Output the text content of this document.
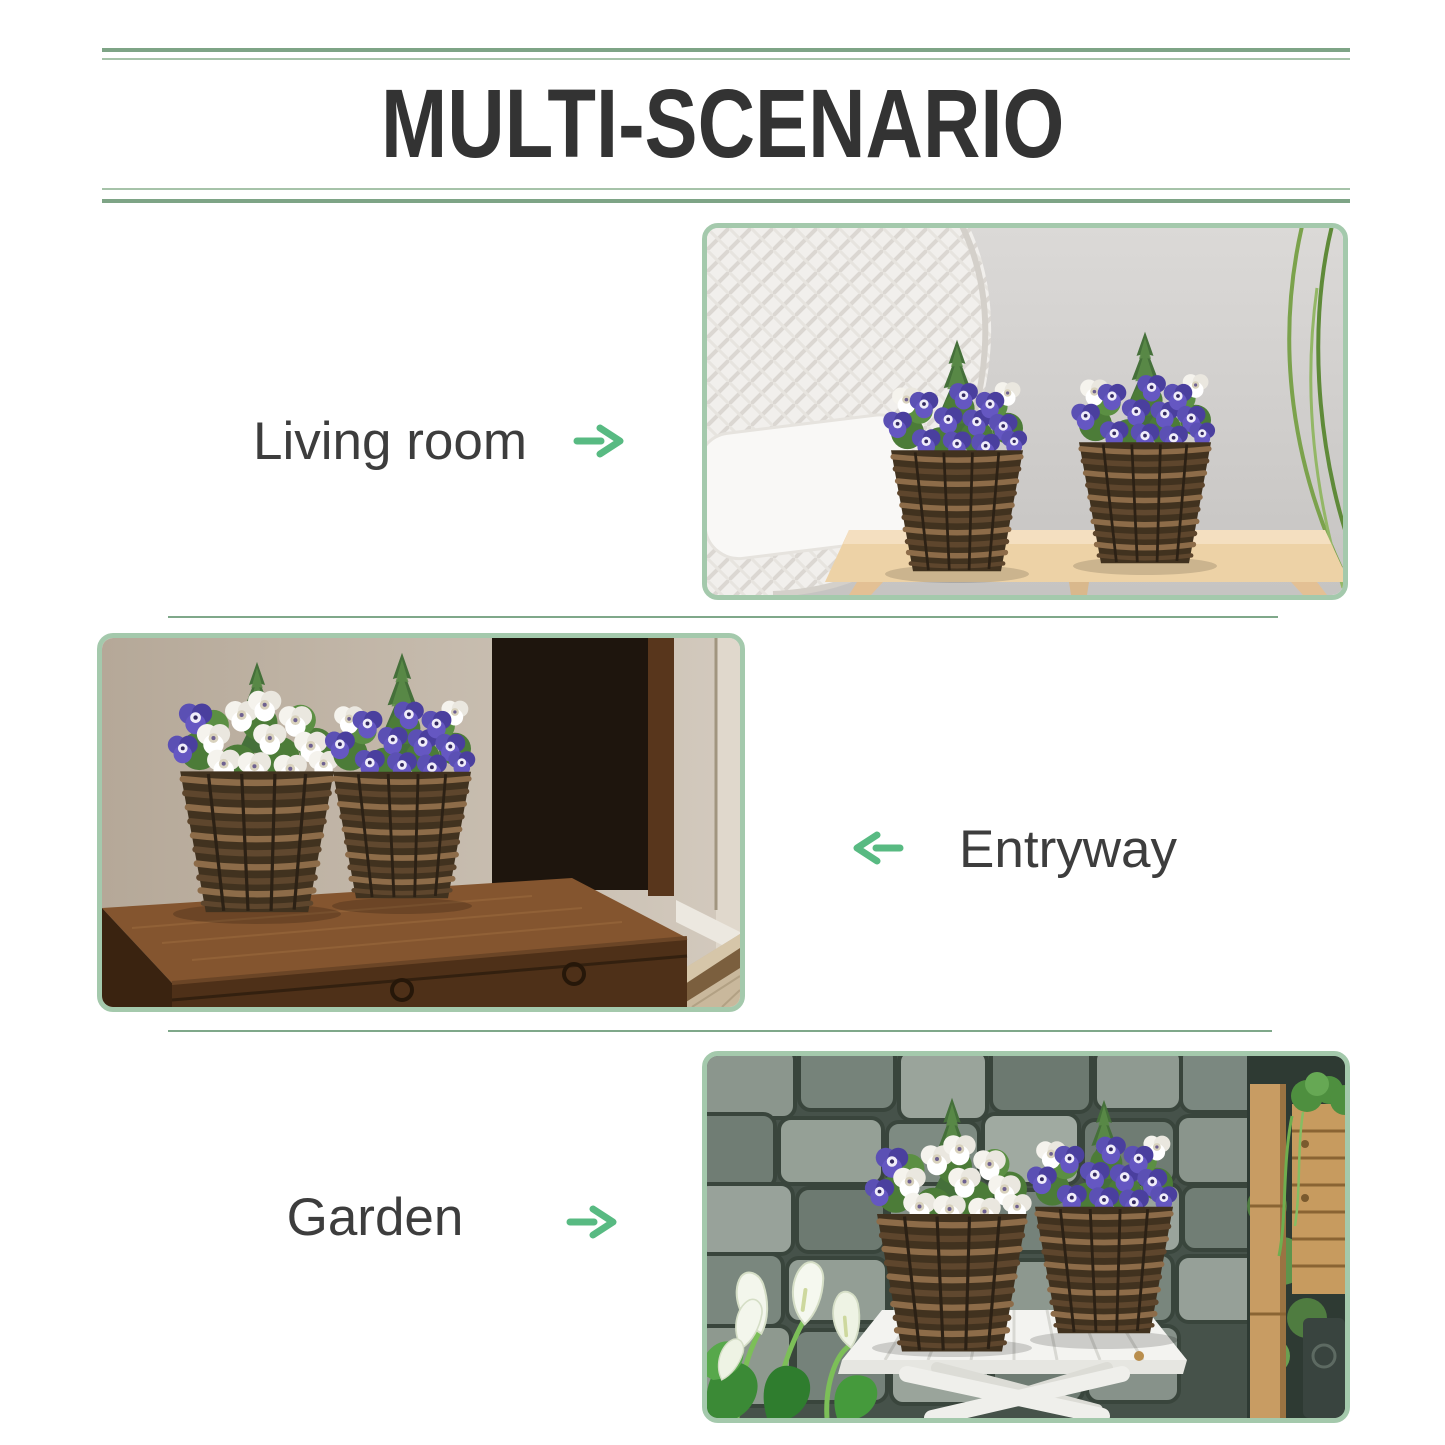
MULTI-SCENARIO
Living room
Entryway
Garden
